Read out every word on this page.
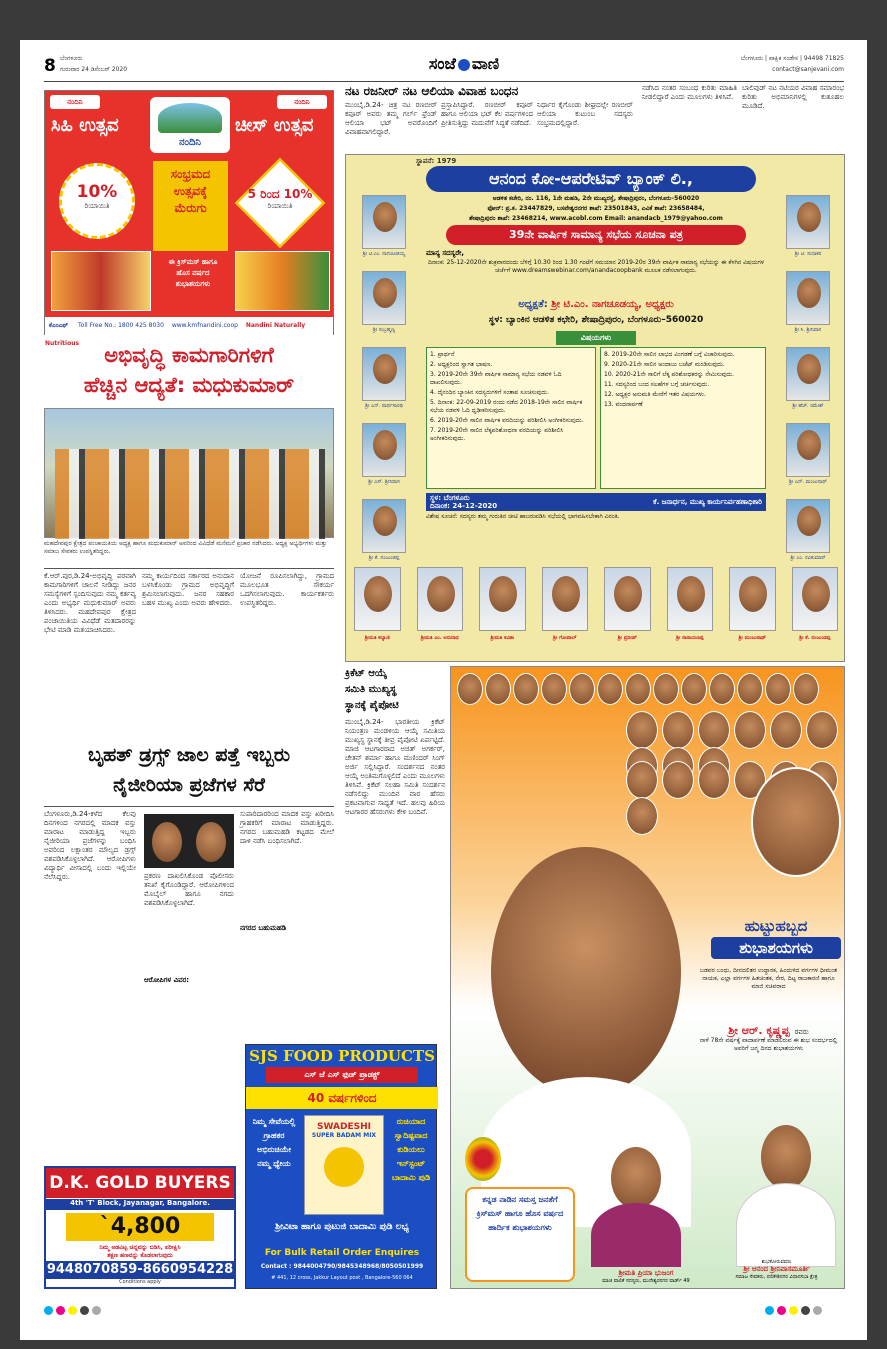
8 ಬೆಂಗಳೂರು
ಗುರುವಾರ 24 ಡಿಸೆಂಬರ್ 2020	ಸಂಜೆ ವಾಣಿ	ಬೆಂಗಳೂರು | ಪಾಕ್ಷಿಕ ಸಂಡೇಸ | 94498 71825
contact@sanjevani.com
ನಂದಿನಿ	ನಂದಿನಿ
ಸಿಹಿ ಉತ್ಸವ	ಚೀಸ್ ಉತ್ಸವ
ನಂದಿನಿ
ಸಂಭ್ರಮದ
ಉತ್ಸವಕ್ಕೆ
ಮೆರುಗು
10%
ರಿಯಾಯಿತಿ
5 ರಿಂದ 10%
ರಿಯಾಯಿತಿ
ಈ ಕ್ರಿಸ್‌ಮಸ್ ಹಾಗೂ
ಹೊಸ ವರ್ಷದ
ಶುಭಾಶಯಗಳು
ಕೆಎಂಎಫ್ Toll Free No.: 1800 425 8030 www.kmfnandini.coop Nandini Naturally Nutritious	ಅಭಿವೃದ್ಧಿ ಕಾಮಗಾರಿಗಳಿಗೆ
ಹೆಚ್ಚಿನ ಆದ್ಯತೆ: ಮಧುಕುಮಾರ್
ಮಹದೇವಪುರ ಕ್ಷೇತ್ರದ ಪಂಚಾಯತಿಯ ಅಧ್ಯಕ್ಷ ಹಾಗೂ ಮಧುಕುಮಾರ್ ಅವರಿಂದ ವಿವಿಧೆಡೆ ಮನೆಮನೆ ಪ್ರಚಾರ ನಡೆಸಿದರು. ಅಧ್ಯಕ್ಷ ಅಭ್ಯರ್ಥಿಗಳು ಮತ್ತು ಸಮಾಜ ಸೇವಕರು ಉಪಸ್ಥಿತರಿದ್ದರು.
ಕೆ.ಆರ್.ಪುರ,ಡಿ.24-ಅಭಿವೃದ್ಧಿ ಪರವಾಗಿ ಕಾಮಗಾರಿಗಳಿಗೆ ಚಾಲನೆ ನೀಡಿದ್ದು ಜನರ ಸಮಸ್ಯೆಗಳಿಗೆ ಸ್ಪಂದಿಸುವುದು ನಮ್ಮ ಕರ್ತವ್ಯ ಎಂದು ಅಭ್ಯರ್ಥಿ ಮಧುಕುಮಾರ್ ಅವರು ತಿಳಿಸಿದರು. ಮಹದೇವಪುರ ಕ್ಷೇತ್ರದ ಪಂಚಾಯಿತಿಯ ವಿವಿಧೆಡೆ ಮತದಾರರನ್ನು ಭೇಟಿ ಮಾಡಿ ಮತಯಾಚಿಸಿದರು.
ನಮ್ಮ ಕಾರ್ಯದಿಂದ ಸರ್ಕಾರದ ಅನುದಾನ ಬಳಸಿಕೊಂಡು ಗ್ರಾಮದ ಅಭಿವೃದ್ಧಿಗೆ ಶ್ರಮಿಸಲಾಗುವುದು. ಜನರ ಸಹಕಾರ ಬಹಳ ಮುಖ್ಯ ಎಂದು ಅವರು ಹೇಳಿದರು.
ಯೋಜನೆ ರೂಪಿಸಲಾಗಿದ್ದು, ಗ್ರಾಮದ ಮೂಲಭೂತ ಸೌಕರ್ಯ ಒದಗಿಸಲಾಗುವುದು. ಕಾರ್ಯಕರ್ತರು ಉಪಸ್ಥಿತರಿದ್ದರು.
ಬೃಹತ್ ಡ್ರಗ್ಸ್ ಜಾಲ ಪತ್ತೆ ಇಬ್ಬರು
ನೈಜೀರಿಯಾ ಪ್ರಜೆಗಳ ಸೆರೆ
ಬೆಂಗಳೂರು,ಡಿ.24-ಕಳೆದ ಕೆಲವು ದಿನಗಳಿಂದ ನಗರದಲ್ಲಿ ಮಾದಕ ವಸ್ತು ಮಾರಾಟ ಮಾಡುತ್ತಿದ್ದ ಇಬ್ಬರು ನೈಜೀರಿಯಾ ಪ್ರಜೆಗಳನ್ನು ಬಂಧಿಸಿ ಅವರಿಂದ ಲಕ್ಷಾಂತರ ಮೌಲ್ಯದ ಡ್ರಗ್ಸ್ ವಶಪಡಿಸಿಕೊಳ್ಳಲಾಗಿದೆ. ಆರೋಪಿಗಳು ವಿದ್ಯಾರ್ಥಿ ವೀಸಾದಲ್ಲಿ ಬಂದು ಇಲ್ಲಿಯೇ ನೆಲೆಸಿದ್ದರು.	ಪ್ರಕರಣ ದಾಖಲಿಸಿಕೊಂಡ ಪೊಲೀಸರು ತನಿಖೆ ಕೈಗೊಂಡಿದ್ದಾರೆ. ಆರೋಪಿಗಳಿಂದ ಮೊಬೈಲ್ ಹಾಗೂ ನಗದು ವಶಪಡಿಸಿಕೊಳ್ಳಲಾಗಿದೆ.
ಸುಪಾರಿದಾರರಿಂದ ಮಾದಕ ವಸ್ತು ಖರೀದಿಸಿ ಗ್ರಾಹಕರಿಗೆ ಮಾರಾಟ ಮಾಡುತ್ತಿದ್ದರು. ನಗರದ ಬಹುಮಹಡಿ ಕಟ್ಟಡದ ಮೇಲೆ ದಾಳಿ ನಡೆಸಿ ಬಂಧಿಸಲಾಗಿದೆ.
ನಗರದ ಬಹುಮಹಡಿ
ಆರೋಪಿಗಳ ವಿವರ:
SJS FOOD PRODUCTS
ಎಸ್ ಜೆ ಎಸ್ ಫುಡ್ ಪ್ರಾಡಕ್ಟ್
40 ವರ್ಷಗಳಿಂದ
ನಿಮ್ಮ ಸೇವೆಯಲ್ಲಿ ಗ್ರಾಹಕರ ಅಭಿರುಚಿಯೇ ನಮ್ಮ ಧ್ಯೇಯ
SWADESHI
SUPER BADAM MIX
ರುಚಿಯಾದ ಸ್ವಾದಿಷ್ಟವಾದ ಕುಡಿಯಲು ಇನ್‌ಸ್ಟಂಟ್ ಬಾದಾಮಿ ಪುಡಿ
ಶ್ರೀವಿಟಾ ಹಾಗೂ ಪುಟುಜಿ ಬಾದಾಮಿ ಪುಡಿ ಲಭ್ಯ
For Bulk Retail Order Enquires
Contact : 9844004790/9845348968/8050501999
# 441, 12 cross, Jakkur Layout post , Bangalore-560 064
D.K. GOLD BUYERS
4th 'T' Block, Jayanagar, Bangalore.
`4,800
ನಿಮ್ಮ ಅಡವಿಟ್ಟ ಚಿನ್ನವನ್ನು ಬಿಡಿಸಿ, ಪರೀಕ್ಷಿಸಿ
ತಕ್ಷಣ ಹಣವನ್ನು ಕೊಡಲಾಗುವುದು
9448070859-8660954228
Conditions apply
ನಟ ರಜನೀರ್ ನಟ ಆಲಿಯಾ ವಿವಾಹ ಬಂಧನ
ಮುಂಬೈ,ಡಿ.24- ಚಿತ್ರ ನಟ ರಣಬೀರ್ ಕಪೂರ್ ಅವರು ತಮ್ಮ ಗರ್ಲ್ ಫ್ರೆಂಡ್ ಆಲಿಯಾ ಭಟ್ ಅವರೊಂದಿಗೆ ವಿವಾಹವಾಗಲಿದ್ದಾರೆ.
ಪ್ರಸ್ತಾಪಿಸಿದ್ದಾರೆ. ರಣಬೀರ್ ಕಪೂರ್ ಹಾಗೂ ಆಲಿಯಾ ಭಟ್ ಕೆಲ ವರ್ಷಗಳಿಂದ ಪ್ರೀತಿಸುತ್ತಿದ್ದು ಮದುವೆಗೆ ಸಿದ್ಧತೆ ನಡೆದಿದೆ.
ನಿರ್ಧಾರ ಕೈಗೊಂಡು ಶೀಘ್ರದಲ್ಲೇ ರಣಬೀರ್ ಆಲಿಯಾ ಕುಟುಂಬ ಸದಸ್ಯರು ಸಂಭ್ರಮದಲ್ಲಿದ್ದಾರೆ.
ನಡೆಸಿದ ನಂತರ ಸಂಬಂಧ ಕುರಿತು ಮಾಹಿತಿ ನೀಡಲಿದ್ದಾರೆ ಎಂದು ಮೂಲಗಳು ತಿಳಿಸಿವೆ.
ಬಾಲಿವುಡ್ ನಟ ನಟಿಯರ ವಿವಾಹ ಸಮಾರಂಭ ಕುರಿತು ಅಭಿಮಾನಿಗಳಲ್ಲಿ ಕುತೂಹಲ ಮೂಡಿದೆ.
ಸ್ಥಾಪನೆ: 1979
ಆನಂದ ಕೋ-ಆಪರೇಟಿವ್ ಬ್ಯಾಂಕ್ ಲಿ.,
ಆಡಳಿತ ಕಚೇರಿ, ನಂ. 116, 1ನೇ ಮಹಡಿ, 2ನೇ ಮುಖ್ಯರಸ್ತೆ, ಶೇಷಾದ್ರಿಪುರಂ, ಬೆಂಗಳೂರು–560020
ಫೋನ್: ಪ್ರ.ಕ. 23447829, ಬಸವೇಶ್ವರನಗರ ಶಾಖೆ: 23501843, ಎವಿಕೆ ಶಾಖೆ: 23658484,
ಶೇಷಾದ್ರಿಪುರಂ ಶಾಖೆ: 23468214, www.acobl.com Email: anandacb_1979@yahoo.com
39ನೇ ವಾರ್ಷಿಕ ಸಾಮಾನ್ಯ ಸಭೆಯ ಸೂಚನಾ ಪತ್ರ
ಮಾನ್ಯ ಸದಸ್ಯರೇ,
ದಿನಾಂಕ: 25-12-2020ನೇ ಶುಕ್ರವಾರದಂದು ಬೆಳಿಗ್ಗೆ 10.30 ರಿಂದ 1.30 ಗಂಟೆಗೆ ಸಮಯಾನ 2019-20ರ 39ನೇ ವಾರ್ಷಿಕ ಸಾಮಾನ್ಯ ಸಭೆಯನ್ನು ಈ ಕೆಳಗಿನ ವಿಷಯಗಳ ಚರ್ಚೆಗೆ www.dreamswebinar.com/anandacoopbank ಮೂಲಕ ನಡೆಸಲಾಗುವುದು.
ಅಧ್ಯಕ್ಷತೆ: ಶ್ರೀ ಟಿ.ಎಂ. ನಾಗಚೂಡಯ್ಯ, ಅಧ್ಯಕ್ಷರು
ಸ್ಥಳ: ಬ್ಯಾಂಕಿನ ಆಡಳಿತ ಕಛೇರಿ, ಶೇಷಾದ್ರಿಪುರಂ, ಬೆಂಗಳೂರು–560020
ವಿಷಯಗಳು
1. ಪ್ರಾರ್ಥನೆ
2. ಅಧ್ಯಕ್ಷರಿಂದ ಸ್ವಾಗತ ಭಾಷಣ.
3. 2019-20ನೇ 39ನೇ ವಾರ್ಷಿಕ ಸಾಮಾನ್ಯ ಸಭೆಯ ನಡವಳಿ ಓದಿ ದಾಖಲಿಸುವುದು.
4. ದೈನಂದಿನ ಬ್ಯಾಂಕಿನ ಸದಸ್ಯರುಗಳಿಗೆ ಸಂತಾಪ ಸೂಚಿಸುವುದು.
5. ದಿನಾಂಕ: 22-09-2019 ರಂದು ನಡೆದ 2018-19ನೇ ಸಾಲಿನ ವಾರ್ಷಿಕ ಸಭೆಯ ನಡವಳಿ ಓದಿ ಧೃಢೀಕರಿಸುವುದು.
6. 2019-20ನೇ ಸಾಲಿನ ವಾರ್ಷಿಕ ವರದಿಯನ್ನು ಪರಿಶೀಲಿಸಿ ಅಂಗೀಕರಿಸುವುದು.
7. 2019-20ನೇ ಸಾಲಿನ ಲೆಕ್ಕಪರಿಶೋಧನಾ ವರದಿಯನ್ನು ಪರಿಶೀಲಿಸಿ ಅಂಗೀಕರಿಸುವುದು.
8. 2019-20ನೇ ಸಾಲಿನ ಲಾಭದ ವಿಂಗಡಣೆ ಬಗ್ಗೆ ವಿಚಾರಿಸುವುದು.
9. 2020-21ನೇ ಸಾಲಿನ ಅಂದಾಜು ಬಜೆಟ್ ಮಂಡಿಸುವುದು.
10. 2020-21ನೇ ಸಾಲಿಗೆ ಲೆಕ್ಕ ಪರಿಶೋಧಕರನ್ನು ನೇಮಿಸುವುದು.
11. ಸದಸ್ಯರಿಂದ ಬಂದ ಸಲಹೆಗಳ ಬಗ್ಗೆ ಚರ್ಚಿಸುವುದು.
12. ಅಧ್ಯಕ್ಷರ ಅನುಮತಿ ಮೇರೆಗೆ ಇತರ ವಿಷಯಗಳು.
13. ವಂದನಾರ್ಪಣೆ
ಸ್ಥಳ: ಬೆಂಗಳೂರು
ದಿನಾಂಕ: 24-12-2020	ಕೆ. ಜನಾರ್ಧನ, ಮುಖ್ಯ ಕಾರ್ಯನಿರ್ವಹಣಾಧಿಕಾರಿ
ವಿಶೇಷ ಸೂಚನೆ: ಸದಸ್ಯರು ತಮ್ಮ ಗುರುತಿನ ಚೀಟಿ ಹಾಜರುಪಡಿಸಿ ಸಭೆಯಲ್ಲಿ ಭಾಗವಹಿಸಬೇಕಾಗಿ ವಿನಂತಿ.
ಶ್ರೀ ಟಿ.ಎಂ. ನಾಗಚೂಡಯ್ಯ
ಶ್ರೀ ಸುಬ್ರಹ್ಮಣ್ಯ
ಶ್ರೀ ಎನ್. ಪಾರ್ಥಸಾರಥಿ
ಶ್ರೀ ಎಸ್. ಶ್ರೀನಿವಾಸ
ಶ್ರೀ ಕೆ. ನಂಜುಂಡಪ್ಪ
ಶ್ರೀ ಟಿ. ಸುಧಾಕರ
ಶ್ರೀ ಸಿ. ಶ್ರೀನಿವಾಸ
ಶ್ರೀ ಹೆಚ್. ರಮೇಶ್
ಶ್ರೀ ಎನ್. ಮಂಜುನಾಥ್
ಶ್ರೀ ಎಂ. ರವಿಕುಮಾರ್
ಶ್ರೀಮತಿ ಕಲ್ಯಾಣಿ	ಶ್ರೀಮತಿ ಎಂ. ಅನುರಾಧ	ಶ್ರೀಮತಿ ಕವಿತಾ	ಶ್ರೀ ಗೋಪಾಲ್	ಶ್ರೀ ಪ್ರದೀಪ್	ಶ್ರೀ ನಾರಾಯಣಪ್ಪ	ಶ್ರೀ ಮಂಜುನಾಥ್	ಶ್ರೀ ಕೆ. ನಂಜುಂಡಪ್ಪ
ಕ್ರಿಕೆಟ್ ಆಯ್ಕೆ
ಸಮಿತಿ ಮುಖ್ಯಸ್ಥ
ಸ್ಥಾನಕ್ಕೆ ಪೈಪೋಟಿ
ಮುಂಬೈ,ಡಿ.24- ಭಾರತೀಯ ಕ್ರಿಕೆಟ್ ನಿಯಂತ್ರಣ ಮಂಡಳಿಯ ಆಯ್ಕೆ ಸಮಿತಿಯ ಮುಖ್ಯಸ್ಥ ಸ್ಥಾನಕ್ಕೆ ತೀವ್ರ ಪೈಪೋಟಿ ಏರ್ಪಟ್ಟಿದೆ. ಮಾಜಿ ಆಟಗಾರರಾದ ಅಜಿತ್ ಅಗರ್ಕರ್, ಚೇತನ್ ಶರ್ಮಾ ಹಾಗೂ ಮಣಿಂದರ್ ಸಿಂಗ್ ಅರ್ಜಿ ಸಲ್ಲಿಸಿದ್ದಾರೆ. ಸಂದರ್ಶನದ ನಂತರ ಆಯ್ಕೆ ಅಂತಿಮಗೊಳ್ಳಲಿದೆ ಎಂದು ಮೂಲಗಳು ತಿಳಿಸಿವೆ. ಕ್ರಿಕೆಟ್ ಸಲಹಾ ಸಮಿತಿ ಸಂದರ್ಶನ ನಡೆಸಲಿದ್ದು ಮುಂದಿನ ವಾರ ಹೆಸರು ಪ್ರಕಟವಾಗುವ ಸಾಧ್ಯತೆ ಇದೆ. ಹಲವು ಹಿರಿಯ ಆಟಗಾರರ ಹೆಸರುಗಳು ಕೇಳಿ ಬಂದಿವೆ.
ಹುಟ್ಟುಹಬ್ಬದ
ಶುಭಾಶಯಗಳು
ಬಡವರ ಬಂಧು, ದೀನದಲಿತರ ಉದ್ಧಾರಕ, ಹಿಂದುಳಿದ ವರ್ಗಗಳ ಧೀಮಂತ ನಾಯಕ, ಎಲ್ಲಾ ವರ್ಗಗಳ ಹಿತಚಿಂತಕ, ನೇರ, ದಿಟ್ಟ ರಾಜಕಾರಣಿ ಹಾಗೂ ಮಾಜಿ ಸಚಿವರಾದ
ಶ್ರೀ ಆರ್. ಕೃಷ್ಣಪ್ಪ ರವರು
ನಾಳೆ 78ನೇ ವರ್ಷಕ್ಕೆ ಪಾದಾರ್ಪಣೆ ಮಾಡಲಿರುವ ಈ ಶುಭ ಸಂದರ್ಭದಲ್ಲಿ ಅವರಿಗೆ ಜನ್ಮ ದಿನದ ಶುಭಾಶಯಗಳು
ಕನ್ನಡ ನಾಡಿನ ಸಮಸ್ತ ಜನತೆಗೆ ಕ್ರಿಸ್‌ಮಸ್ ಹಾಗೂ ಹೊಸ ವರ್ಷದ ಹಾರ್ದಿಕ ಶುಭಾಶಯಗಳು
ಶ್ರೀಮತಿ ಪ್ರಿಯಾ ಭುಜಂಗ
ಮಾಜಿ ಪಾಲಿಕೆ ಸದಸ್ಯರು, ಮುನೇಶ್ವರನಗರ ವಾರ್ಡ್ 49
ಶುಭಕೋರುವವರು
ಶ್ರೀ ಆನಂದ ಶ್ರೀನಿವಾಸಮೂರ್ತಿ
ಸಮಾಜ ಸೇವಕರು, ಪಲಿಕೇಶಿನಗರ ವಿಧಾನಸಭಾ ಕ್ಷೇತ್ರ
